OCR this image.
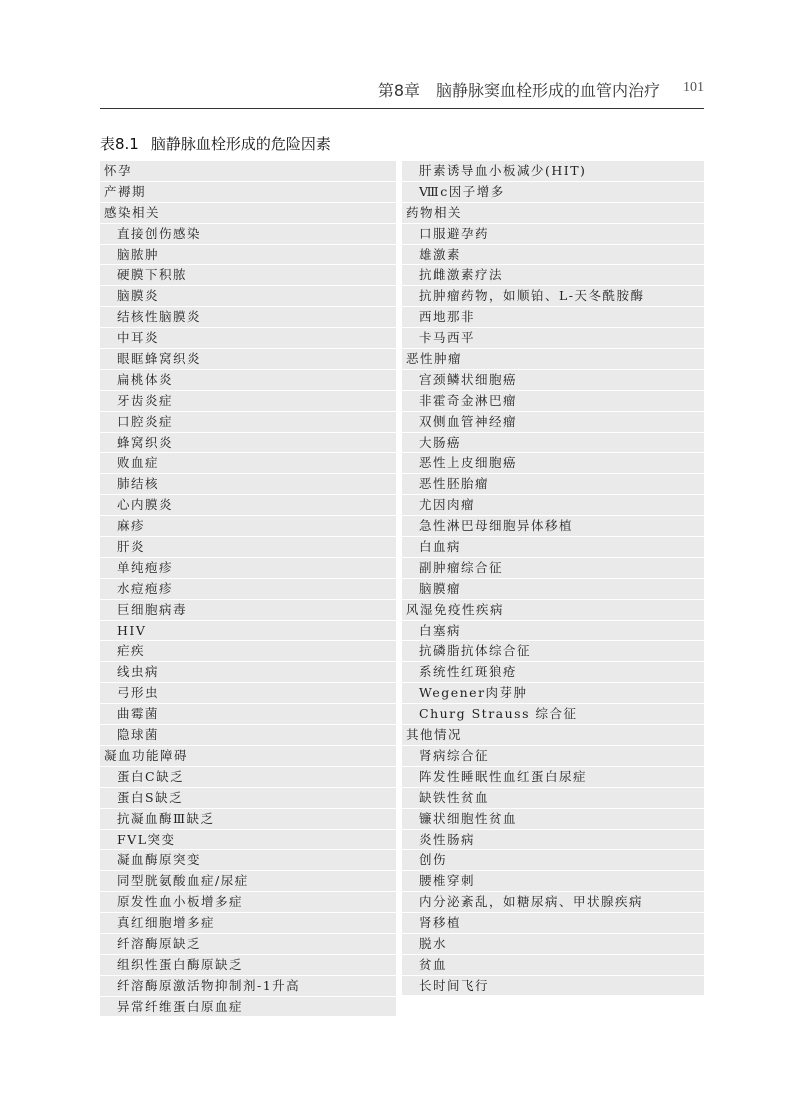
第8章　脑静脉窦血栓形成的血管内治疗 101
表8.1 脑静脉血栓形成的危险因素
怀孕
产褥期
感染相关
直接创伤感染
脑脓肿
硬膜下积脓
脑膜炎
结核性脑膜炎
中耳炎
眼眶蜂窝织炎
扁桃体炎
牙齿炎症
口腔炎症
蜂窝织炎
败血症
肺结核
心内膜炎
麻疹
肝炎
单纯疱疹
水痘疱疹
巨细胞病毒
HIV
疟疾
线虫病
弓形虫
曲霉菌
隐球菌
凝血功能障碍
蛋白C缺乏
蛋白S缺乏
抗凝血酶Ⅲ缺乏
FVL突变
凝血酶原突变
同型胱氨酸血症/尿症
原发性血小板增多症
真红细胞增多症
纤溶酶原缺乏
组织性蛋白酶原缺乏
纤溶酶原激活物抑制剂-1升高
异常纤维蛋白原血症
肝素诱导血小板减少(HIT)
Ⅷc因子增多
药物相关
口服避孕药
雄激素
抗雌激素疗法
抗肿瘤药物，如顺铂、L-天冬酰胺酶
西地那非
卡马西平
恶性肿瘤
宫颈鳞状细胞癌
非霍奇金淋巴瘤
双侧血管神经瘤
大肠癌
恶性上皮细胞癌
恶性胚胎瘤
尤因肉瘤
急性淋巴母细胞异体移植
白血病
副肿瘤综合征
脑膜瘤
风湿免疫性疾病
白塞病
抗磷脂抗体综合征
系统性红斑狼疮
Wegener肉芽肿
Churg Strauss 综合征
其他情况
肾病综合征
阵发性睡眠性血红蛋白尿症
缺铁性贫血
镰状细胞性贫血
炎性肠病
创伤
腰椎穿刺
内分泌紊乱，如糖尿病、甲状腺疾病
肾移植
脱水
贫血
长时间飞行
